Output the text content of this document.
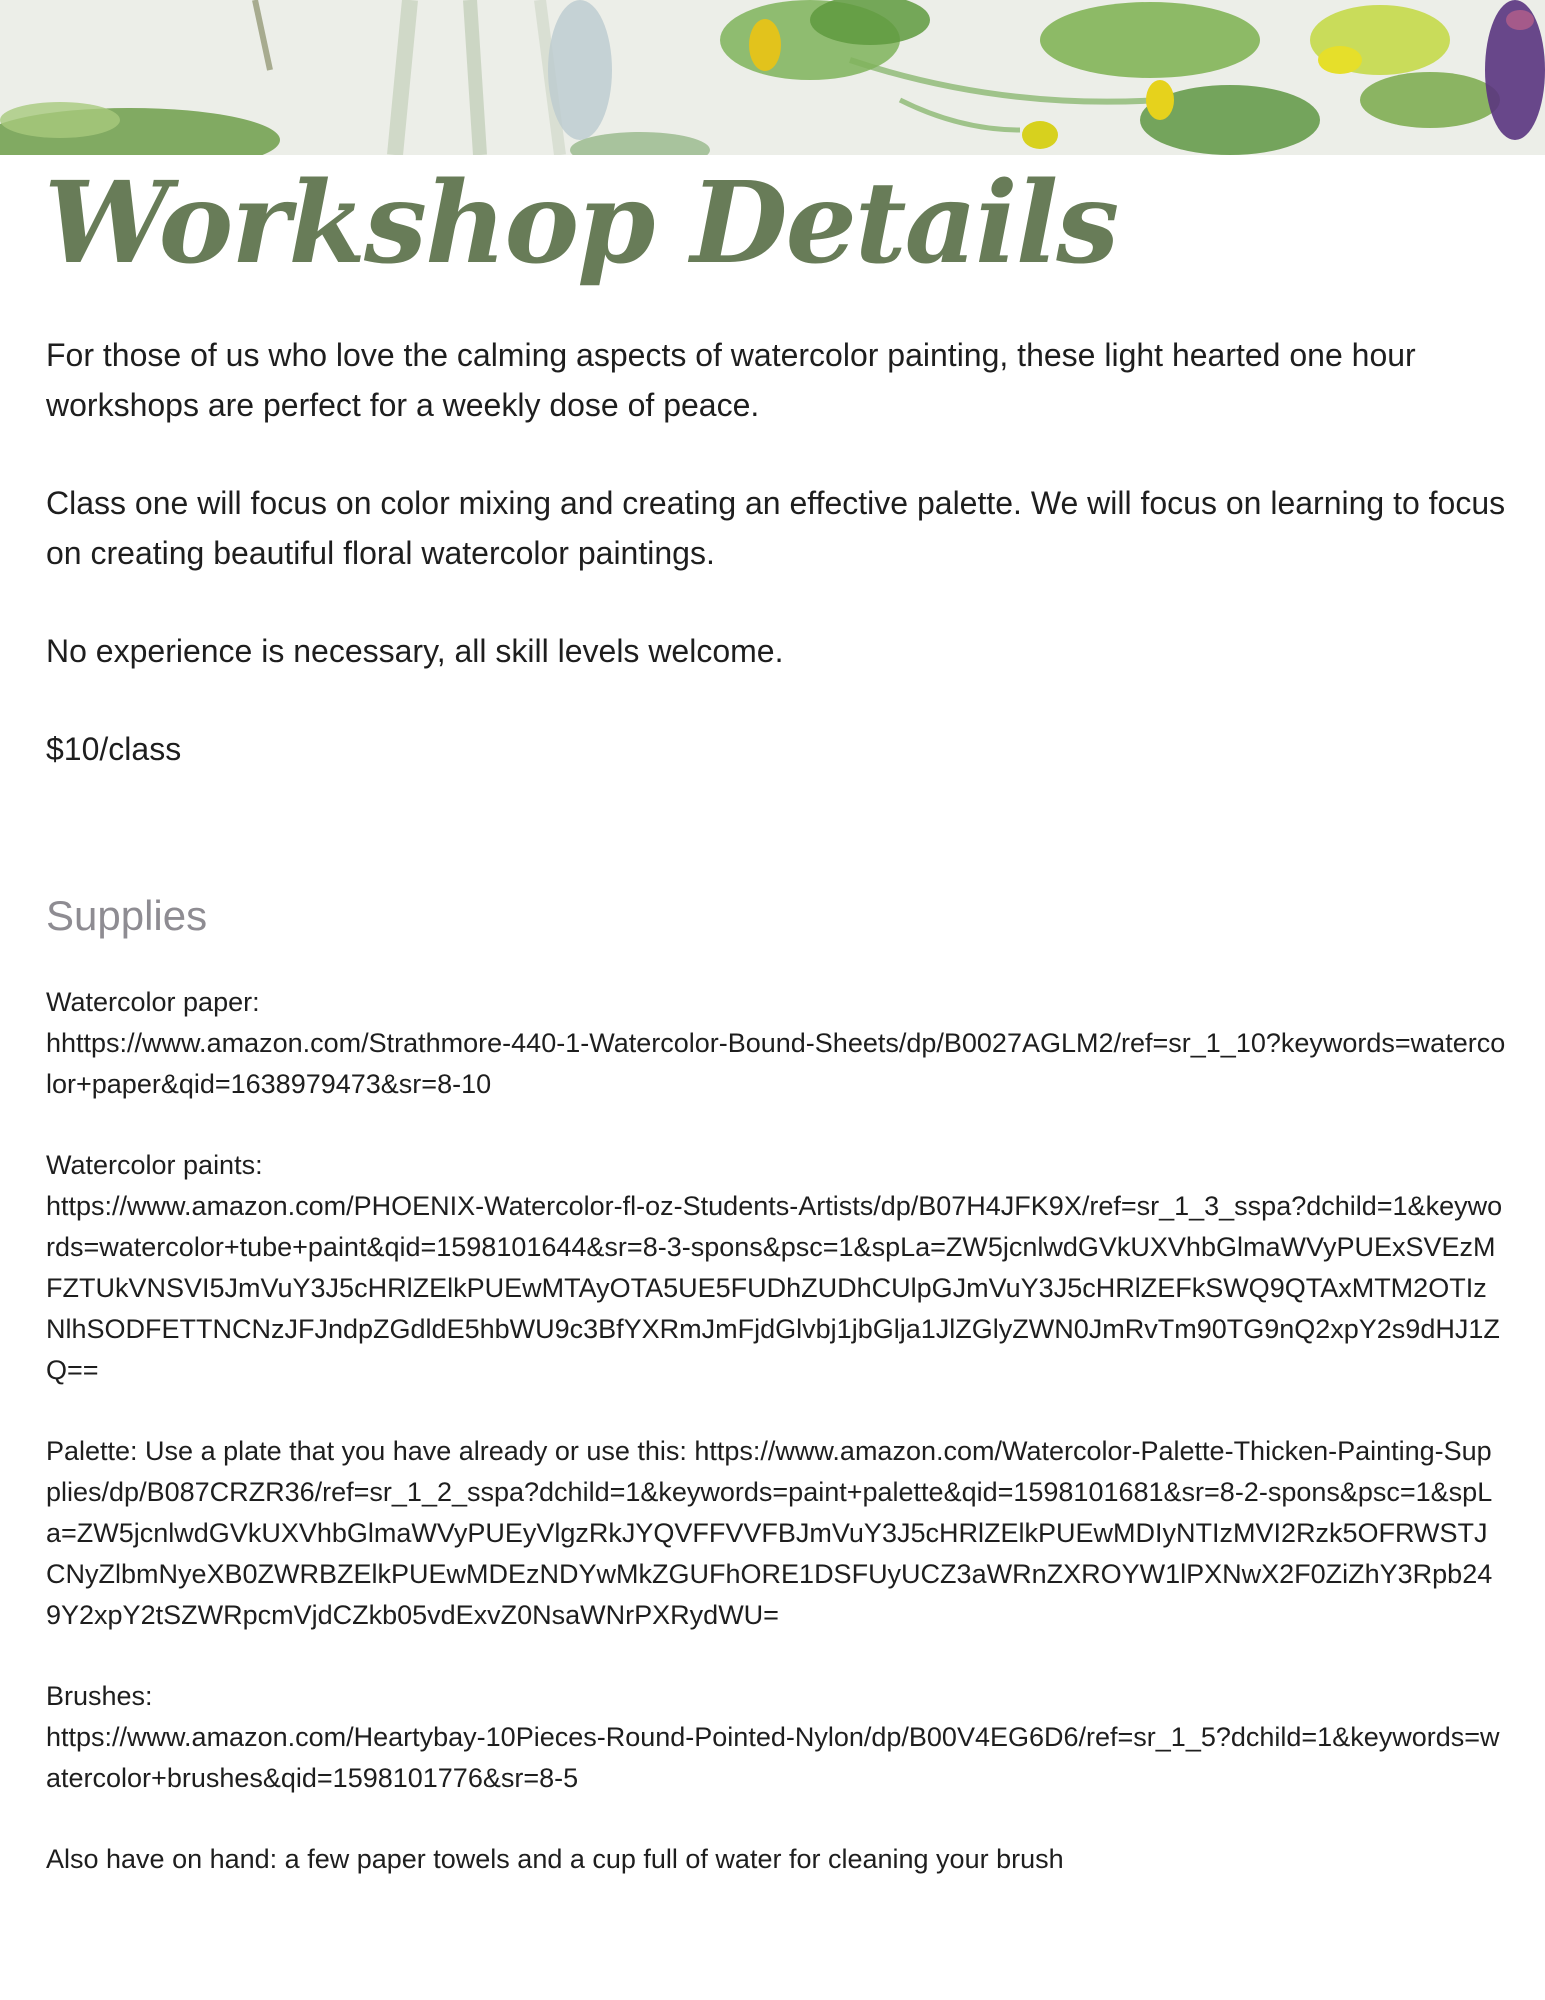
Workshop Details

For those of us who love the calming aspects of watercolor painting, these light hearted one hour workshops are perfect for a weekly dose of peace.

Class one will focus on color mixing and creating an effective palette. We will focus on learning to focus on creating beautiful floral watercolor paintings.

No experience is necessary, all skill levels welcome.

$10/class

Supplies
Watercolor paper:
hhttps://www.amazon.com/Strathmore-440-1-Watercolor-Bound-Sheets/dp/B0027AGLM2/ref=sr_1_10?keywords=watercolor+paper&qid=1638979473&sr=8-10
Watercolor paints:
https://www.amazon.com/PHOENIX-Watercolor-fl-oz-Students-Artists/dp/B07H4JFK9X/ref=sr_1_3_sspa?dchild=1&keywords=watercolor+tube+paint&qid=1598101644&sr=8-3-spons&psc=1&spLa=ZW5jcnlwdGVkUXVhbGlmaWVyPUExSVEzMFZTUkVNSVI5JmVuY3J5cHRlZElkPUEwMTAyOTA5UE5FUDhZUDhCUlpGJmVuY3J5cHRlZEFkSWQ9QTAxMTM2OTIzNlhSODFETTNCNzJFJndpZGdldE5hbWU9c3BfYXRmJmFjdGlvbj1jbGlja1JlZGlyZWN0JmRvTm90TG9nQ2xpY2s9dHJ1ZQ==
Palette: Use a plate that you have already or use this: https://www.amazon.com/Watercolor-Palette-Thicken-Painting-Supplies/dp/B087CRZR36/ref=sr_1_2_sspa?dchild=1&keywords=paint+palette&qid=1598101681&sr=8-2-spons&psc=1&spLa=ZW5jcnlwdGVkUXVhbGlmaWVyPUEyVlgzRkJYQVFFVVFBJmVuY3J5cHRlZElkPUEwMDIyNTIzMVI2Rzk5OFRWSTJCNyZlbmNyeXB0ZWRBZElkPUEwMDEzNDYwMkZGUFhORE1DSFUyUCZ3aWRnZXROYW1lPXNwX2F0ZiZhY3Rpb249Y2xpY2tSZWRpcmVjdCZkb05vdExvZ0NsaWNrPXRydWU=
Brushes:
https://www.amazon.com/Heartybay-10Pieces-Round-Pointed-Nylon/dp/B00V4EG6D6/ref=sr_1_5?dchild=1&keywords=watercolor+brushes&qid=1598101776&sr=8-5

Also have on hand: a few paper towels and a cup full of water for cleaning your brush
